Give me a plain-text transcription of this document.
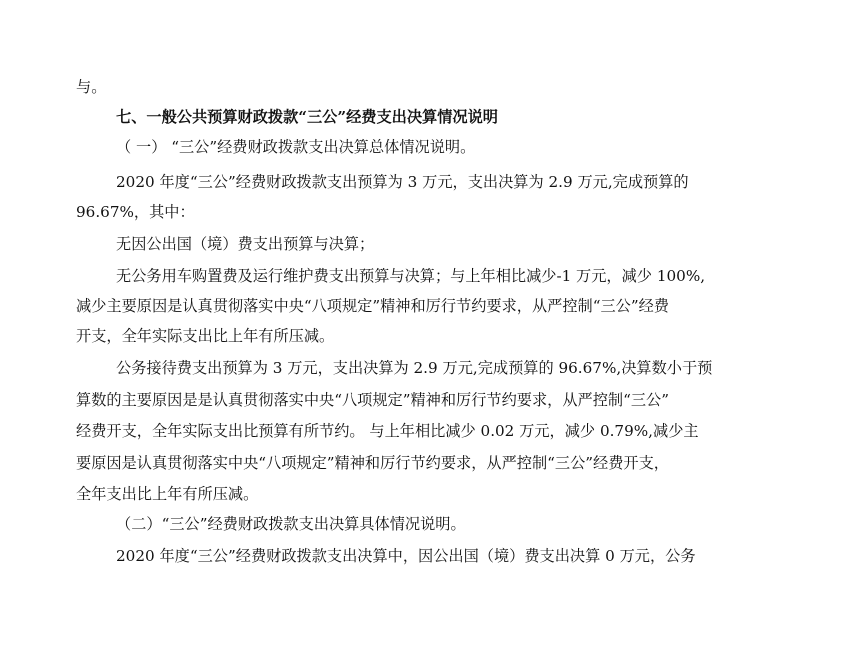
与。
七、一般公共预算财政拨款“三公”经费支出决算情况说明
（ 一） “三公”经费财政拨款支出决算总体情况说明。
2020 年度“三公”经费财政拨款支出预算为 3 万元，支出决算为 2.9 万元,完成预算的
96.67%，其中：
无因公出国（境）费支出预算与决算；
无公务用车购置费及运行维护费支出预算与决算；与上年相比减少-1 万元，减少 100%,
减少主要原因是认真贯彻落实中央“八项规定”精神和厉行节约要求，从严控制“三公”经费
开支，全年实际支出比上年有所压减。
公务接待费支出预算为 3 万元，支出决算为 2.9 万元,完成预算的 96.67%,决算数小于预
算数的主要原因是是认真贯彻落实中央“八项规定”精神和厉行节约要求，从严控制“三公”
经费开支，全年实际支出比预算有所节约。 与上年相比减少 0.02 万元，减少 0.79%,减少主
要原因是认真贯彻落实中央“八项规定”精神和厉行节约要求，从严控制“三公”经费开支，
全年支出比上年有所压减。
（二）“三公”经费财政拨款支出决算具体情况说明。
2020 年度“三公”经费财政拨款支出决算中，因公出国（境）费支出决算 0 万元，公务
